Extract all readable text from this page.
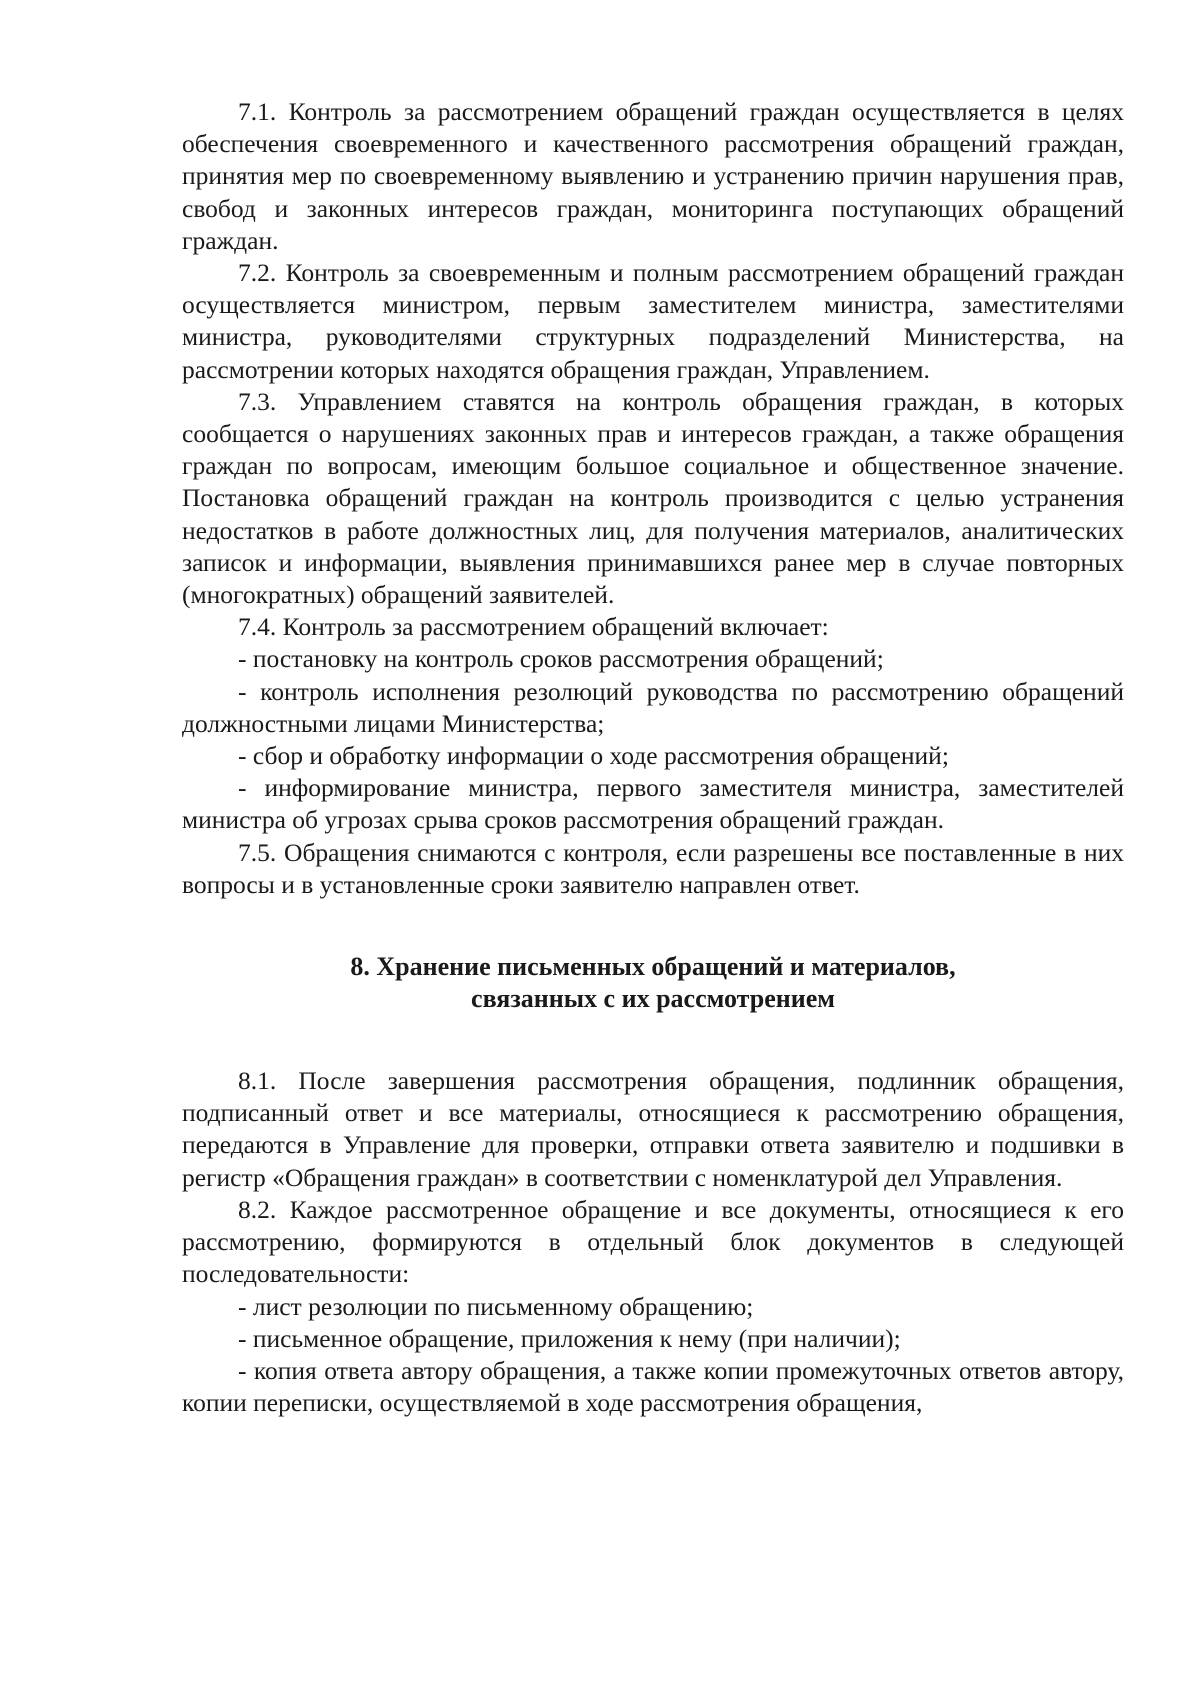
7.1. Контроль за рассмотрением обращений граждан осуществляется в целях обеспечения своевременного и качественного рассмотрения обращений граждан, принятия мер по своевременному выявлению и устранению причин нарушения прав, свобод и законных интересов граждан, мониторинга поступающих обращений граждан.

7.2. Контроль за своевременным и полным рассмотрением обращений граждан осуществляется министром, первым заместителем министра, заместителями министра, руководителями структурных подразделений Министерства, на рассмотрении которых находятся обращения граждан, Управлением.

7.3. Управлением ставятся на контроль обращения граждан, в которых сообщается о нарушениях законных прав и интересов граждан, а также обращения граждан по вопросам, имеющим большое социальное и общественное значение. Постановка обращений граждан на контроль производится с целью устранения недостатков в работе должностных лиц, для получения материалов, аналитических записок и информации, выявления принимавшихся ранее мер в случае повторных (многократных) обращений заявителей.

7.4. Контроль за рассмотрением обращений включает:

- постановку на контроль сроков рассмотрения обращений;

- контроль исполнения резолюций руководства по рассмотрению обращений должностными лицами Министерства;

- сбор и обработку информации о ходе рассмотрения обращений;

- информирование министра, первого заместителя министра, заместителей министра об угрозах срыва сроков рассмотрения обращений граждан.

7.5. Обращения снимаются с контроля, если разрешены все поставленные в них вопросы и в установленные сроки заявителю направлен ответ.

8. Хранение письменных обращений и материалов,
связанных с их рассмотрением

8.1. После завершения рассмотрения обращения, подлинник обращения, подписанный ответ и все материалы, относящиеся к рассмотрению обращения, передаются в Управление для проверки, отправки ответа заявителю и подшивки в регистр «Обращения граждан» в соответствии с номенклатурой дел Управления.

8.2. Каждое рассмотренное обращение и все документы, относящиеся к его рассмотрению, формируются в отдельный блок документов в следующей последовательности:

- лист резолюции по письменному обращению;

- письменное обращение, приложения к нему (при наличии);

- копия ответа автору обращения, а также копии промежуточных ответов автору, копии переписки, осуществляемой в ходе рассмотрения обращения,
